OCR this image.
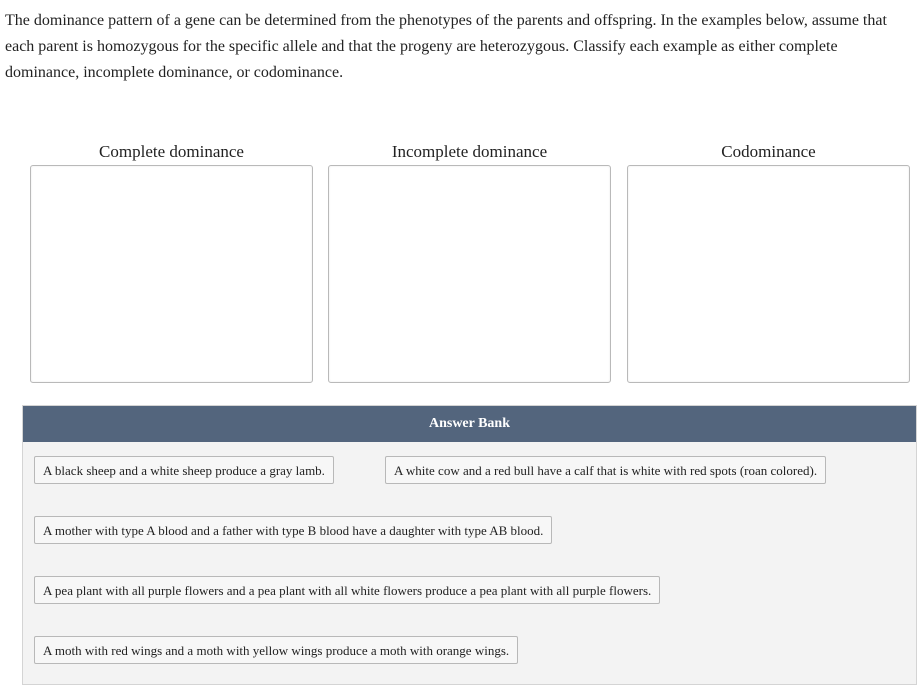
The dominance pattern of a gene can be determined from the phenotypes of the parents and offspring. In the examples below, assume that each parent is homozygous for the specific allele and that the progeny are heterozygous. Classify each example as either complete dominance, incomplete dominance, or codominance.

Complete dominance	Incomplete dominance	Codominance
Answer Bank
A black sheep and a white sheep produce a gray lamb.	A white cow and a red bull have a calf that is white with red spots (roan colored).
A mother with type A blood and a father with type B blood have a daughter with type AB blood.
A pea plant with all purple flowers and a pea plant with all white flowers produce a pea plant with all purple flowers.
A moth with red wings and a moth with yellow wings produce a moth with orange wings.
